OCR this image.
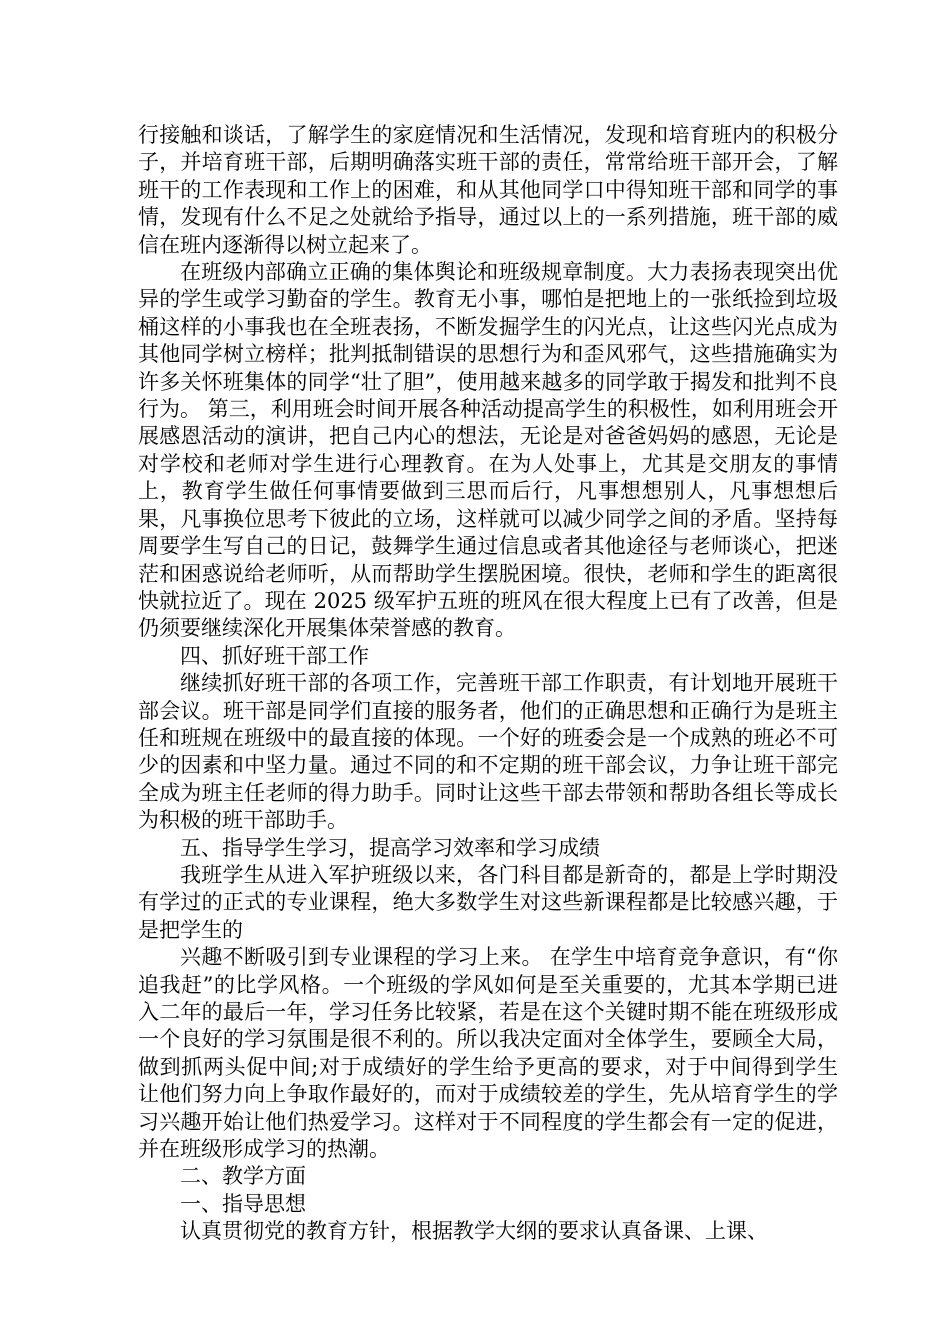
行接触和谈话，了解学生的家庭情况和生活情况，发现和培育班内的积极分子，并培育班干部，后期明确落实班干部的责任，常常给班干部开会，了解班干的工作表现和工作上的困难，和从其他同学口中得知班干部和同学的事情，发现有什么不足之处就给予指导，通过以上的一系列措施，班干部的威信在班内逐渐得以树立起来了。

在班级内部确立正确的集体舆论和班级规章制度。大力表扬表现突出优异的学生或学习勤奋的学生。教育无小事，哪怕是把地上的一张纸捡到垃圾桶这样的小事我也在全班表扬，不断发掘学生的闪光点，让这些闪光点成为其他同学树立榜样；批判抵制错误的思想行为和歪风邪气，这些措施确实为许多关怀班集体的同学“壮了胆”，使用越来越多的同学敢于揭发和批判不良行为。 第三，利用班会时间开展各种活动提高学生的积极性，如利用班会开展感恩活动的演讲，把自己内心的想法，无论是对爸爸妈妈的感恩，无论是对学校和老师对学生进行心理教育。在为人处事上，尤其是交朋友的事情上，教育学生做任何事情要做到三思而后行，凡事想想别人，凡事想想后果，凡事换位思考下彼此的立场，这样就可以减少同学之间的矛盾。坚持每周要学生写自己的日记，鼓舞学生通过信息或者其他途径与老师谈心，把迷茫和困惑说给老师听，从而帮助学生摆脱困境。很快，老师和学生的距离很快就拉近了。现在 2025 级军护五班的班风在很大程度上已有了改善，但是仍须要继续深化开展集体荣誉感的教育。

四、抓好班干部工作

继续抓好班干部的各项工作，完善班干部工作职责，有计划地开展班干部会议。班干部是同学们直接的服务者，他们的正确思想和正确行为是班主任和班规在班级中的最直接的体现。一个好的班委会是一个成熟的班必不可少的因素和中坚力量。通过不同的和不定期的班干部会议，力争让班干部完全成为班主任老师的得力助手。同时让这些干部去带领和帮助各组长等成长为积极的班干部助手。

五、指导学生学习，提高学习效率和学习成绩

我班学生从进入军护班级以来，各门科目都是新奇的，都是上学时期没有学过的正式的专业课程，绝大多数学生对这些新课程都是比较感兴趣，于是把学生的

兴趣不断吸引到专业课程的学习上来。 在学生中培育竞争意识，有“你追我赶”的比学风格。一个班级的学风如何是至关重要的，尤其本学期已进入二年的最后一年，学习任务比较紧，若是在这个关键时期不能在班级形成一个良好的学习氛围是很不利的。所以我决定面对全体学生，要顾全大局，做到抓两头促中间;对于成绩好的学生给予更高的要求，对于中间得到学生让他们努力向上争取作最好的，而对于成绩较差的学生，先从培育学生的学习兴趣开始让他们热爱学习。这样对于不同程度的学生都会有一定的促进，并在班级形成学习的热潮。

二、教学方面

一、指导思想

认真贯彻党的教育方针，根据教学大纲的要求认真备课、上课、
